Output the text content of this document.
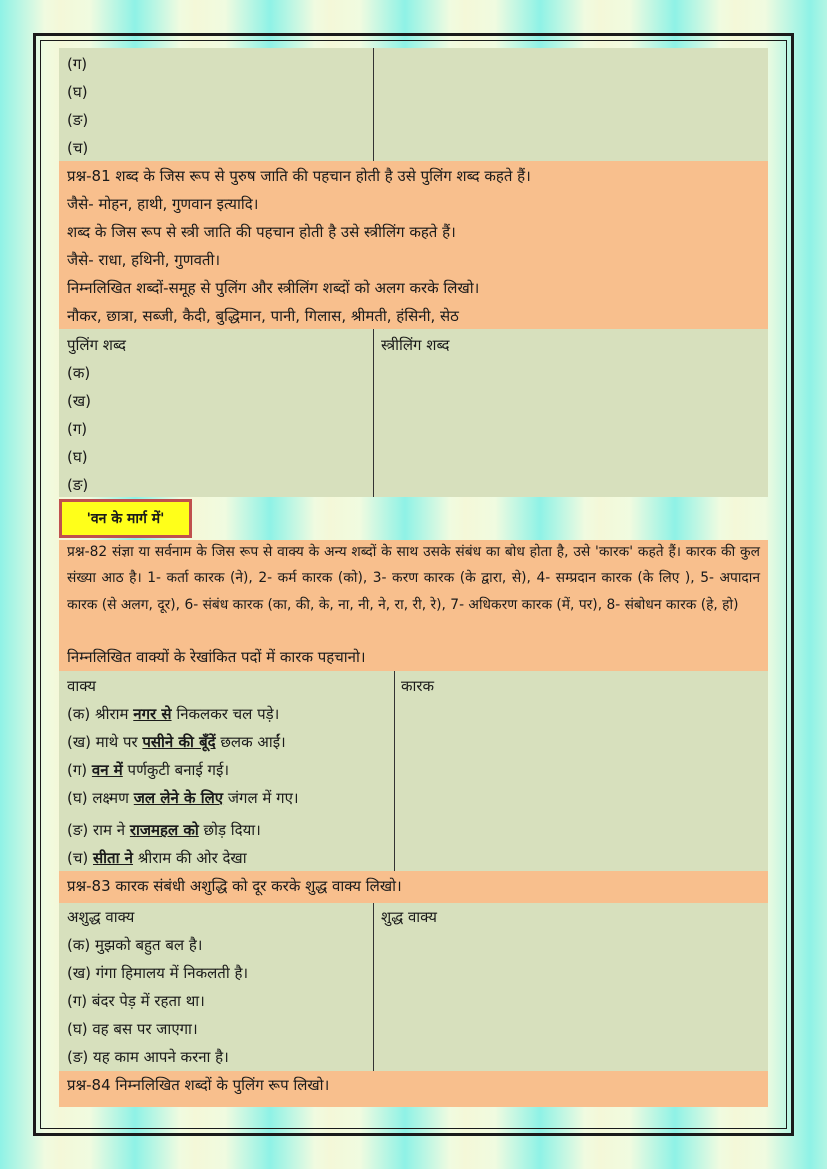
(ग)
(घ)
(ङ)
(च)
प्रश्न-81 शब्द के जिस रूप से पुरुष जाति की पहचान होती है उसे पुलिंग शब्द कहते हैं।
जैसे- मोहन, हाथी, गुणवान इत्यादि।
शब्द के जिस रूप से स्त्री जाति की पहचान होती है उसे स्त्रीलिंग कहते हैं।
जैसे- राधा, हथिनी, गुणवती।
निम्नलिखित शब्दों-समूह से पुलिंग और स्त्रीलिंग शब्दों को अलग करके लिखो।
नौकर, छात्रा, सब्जी, कैदी, बुद्धिमान, पानी, गिलास, श्रीमती, हंसिनी, सेठ
पुलिंग शब्द	स्त्रीलिंग शब्द
(क)
(ख)
(ग)
(घ)
(ङ)
'वन के मार्ग में'
प्रश्न-82 संज्ञा या सर्वनाम के जिस रूप से वाक्य के अन्य शब्दों के साथ उसके संबंध का बोध होता है, उसे 'कारक' कहते हैं। कारक की कुल संख्या आठ है। 1- कर्ता कारक (ने), 2- कर्म कारक (को), 3- करण कारक (के द्वारा, से), 4- सम्प्रदान कारक (के लिए ), 5- अपादान कारक (से अलग, दूर), 6- संबंध कारक (का, की, के, ना, नी, ने, रा, री, रे), 7- अधिकरण कारक (में, पर), 8- संबोधन कारक (हे, हो)
निम्नलिखित वाक्यों के रेखांकित पदों में कारक पहचानो।
वाक्य	कारक
(क) श्रीराम नगर से निकलकर चल पड़े।
(ख) माथे पर पसीने की बूँदें छलक आईं।
(ग) वन में पर्णकुटी बनाई गई।
(घ) लक्ष्मण जल लेने के लिए जंगल में गए।
(ङ) राम ने राजमहल को छोड़ दिया।
(च) सीता ने श्रीराम की ओर देखा
प्रश्न-83 कारक संबंधी अशुद्धि को दूर करके शुद्ध वाक्य लिखो।
अशुद्ध वाक्य	शुद्ध वाक्य
(क) मुझको बहुत बल है।
(ख) गंगा हिमालय में निकलती है।
(ग) बंदर पेड़ में रहता था।
(घ) वह बस पर जाएगा।
(ङ) यह काम आपने करना है।
प्रश्न-84 निम्नलिखित शब्दों के पुलिंग रूप लिखो।
